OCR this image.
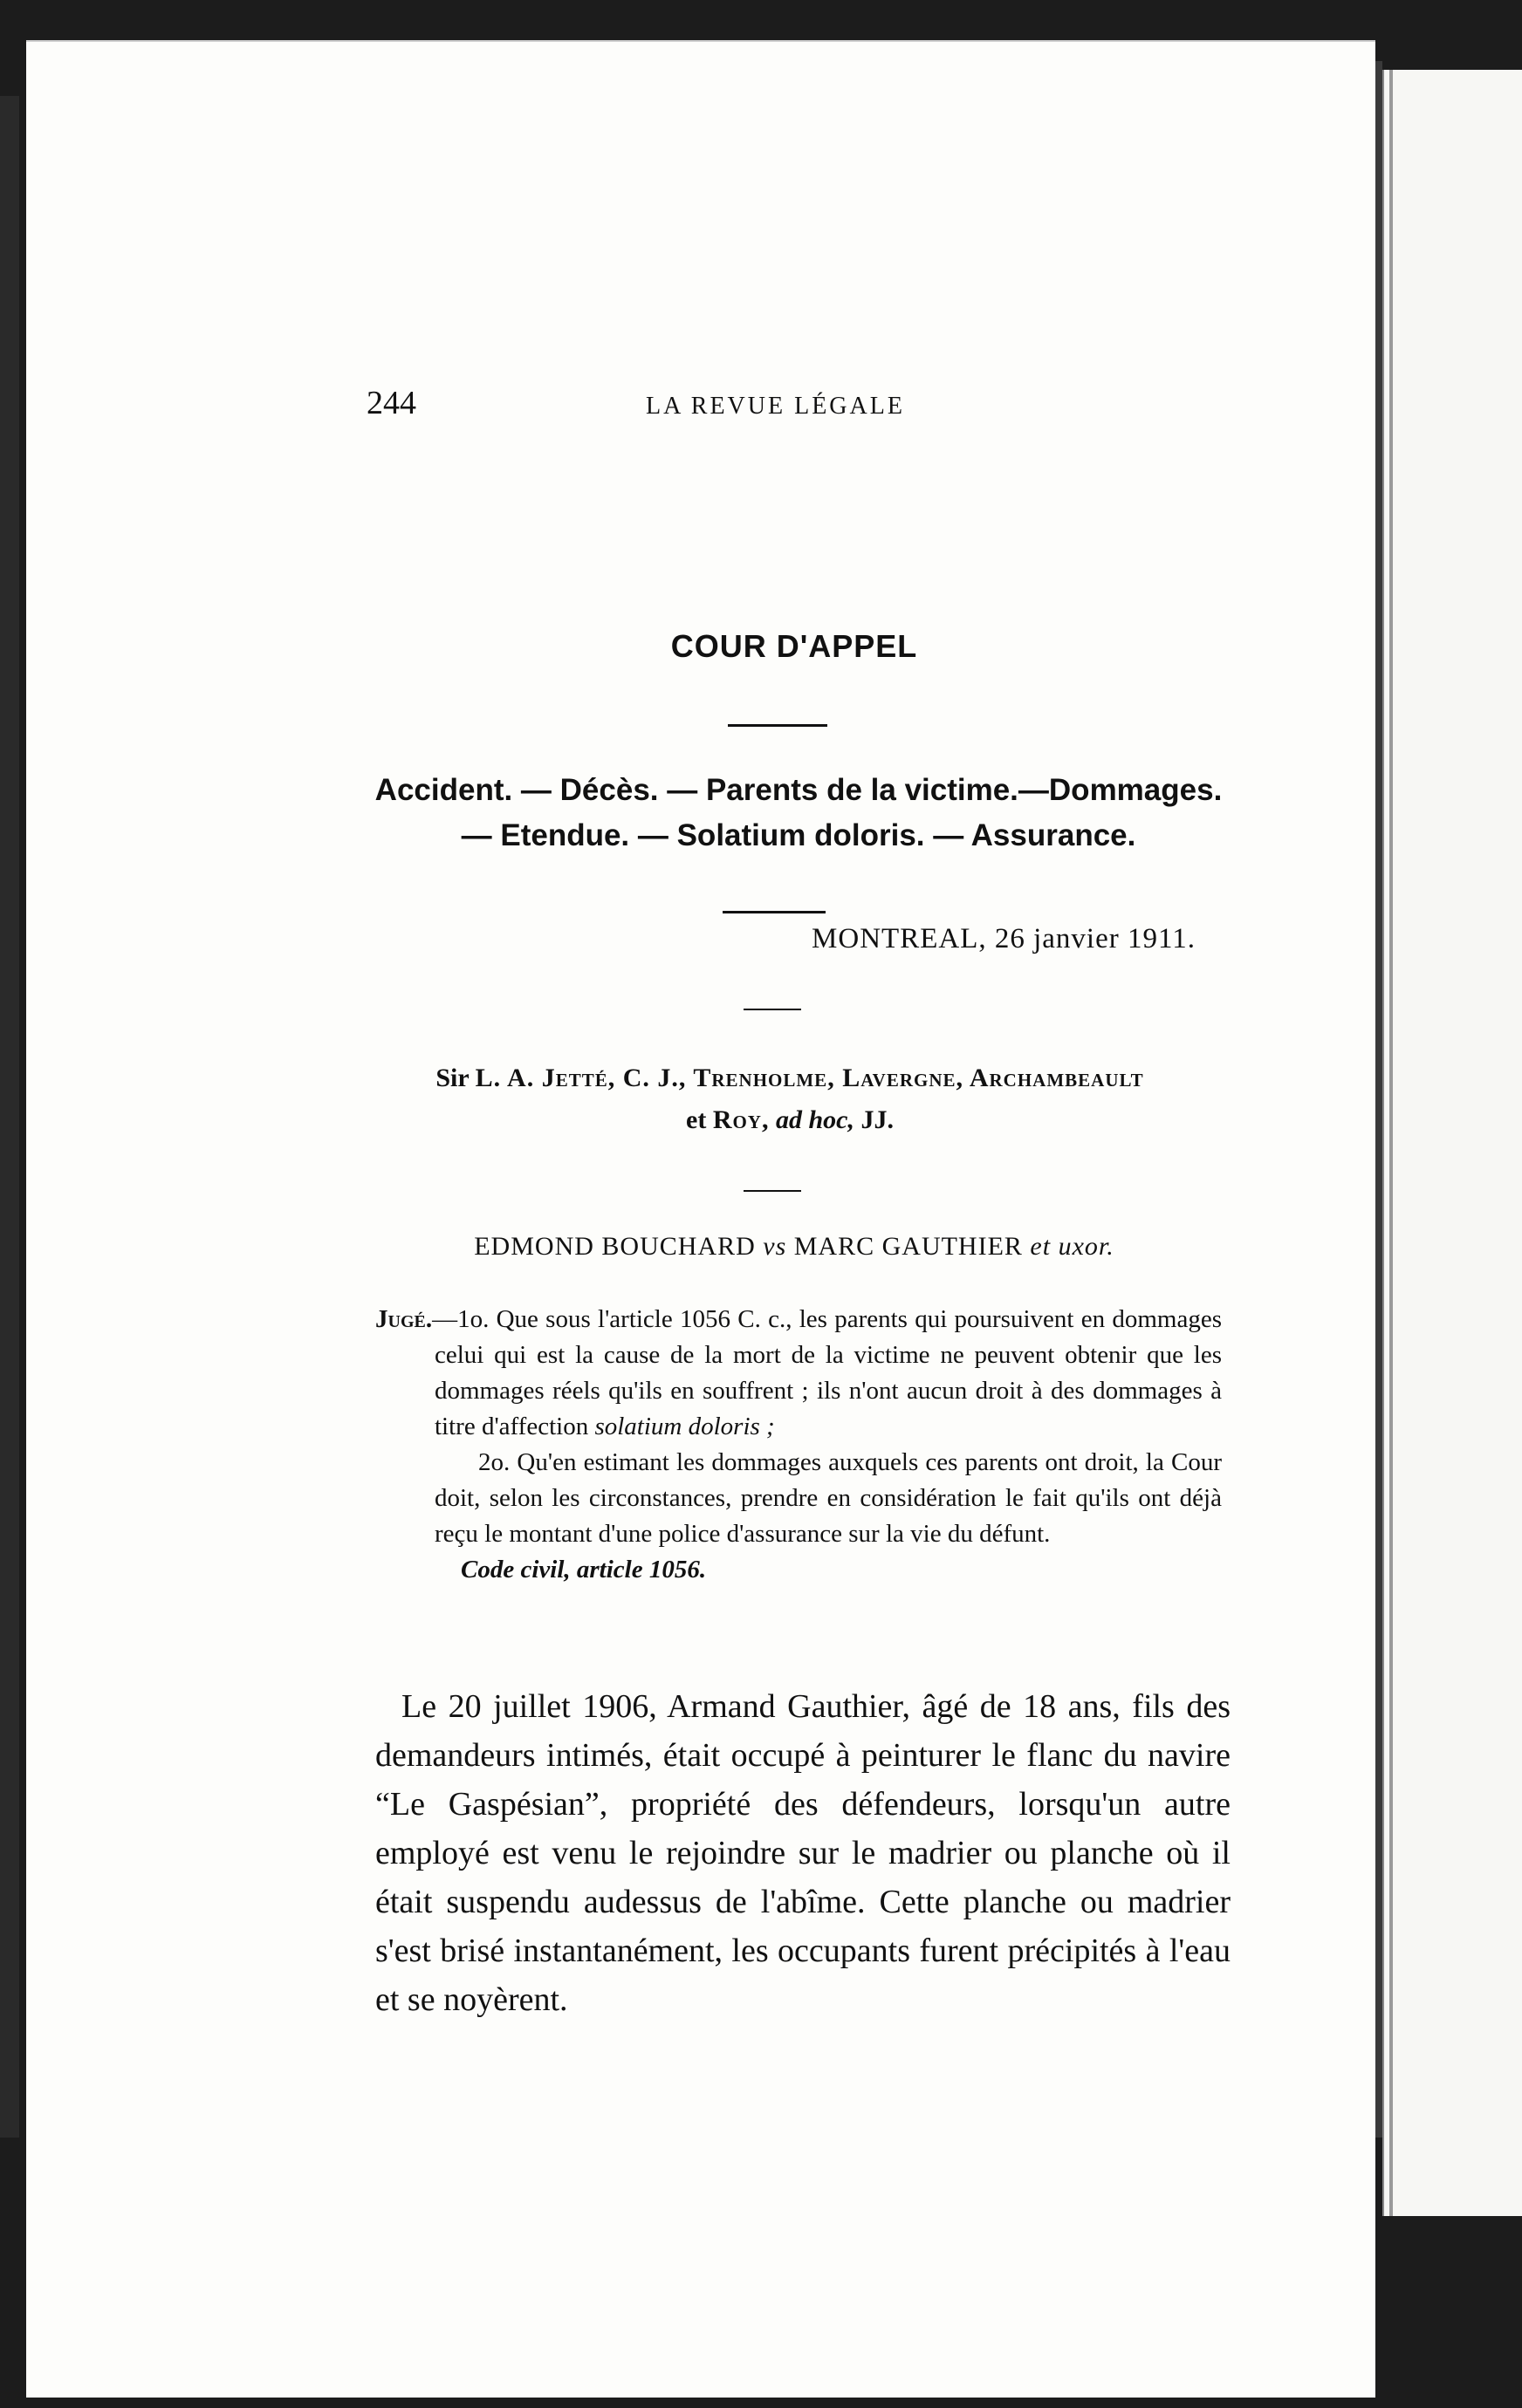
244	LA REVUE LÉGALE
COUR D'APPEL
Accident. — Décès. — Parents de la victime.—Dommages.
— Etendue. — Solatium doloris. — Assurance.
MONTREAL, 26 janvier 1911.
Sir L. A. Jetté, C. J., Trenholme, Lavergne, Archambeault
et Roy, ad hoc, JJ.
EDMOND BOUCHARD vs MARC GAUTHIER et uxor.

Jugé.—1o. Que sous l'article 1056 C. c., les parents qui poursuivent en dommages celui qui est la cause de la mort de la victime ne peuvent obtenir que les dommages réels qu'ils en souffrent ; ils n'ont aucun droit à des dommages à titre d'affection solatium doloris ;

2o. Qu'en estimant les dommages auxquels ces parents ont droit, la Cour doit, selon les circonstances, prendre en considération le fait qu'ils ont déjà reçu le montant d'une police d'assurance sur la vie du défunt.

Code civil, article 1056.

Le 20 juillet 1906, Armand Gauthier, âgé de 18 ans, fils des demandeurs intimés, était occupé à peinturer le flanc du navire “Le Gaspésian”, propriété des défendeurs, lorsqu'un autre employé est venu le rejoindre sur le madrier ou planche où il était suspendu audessus de l'abîme. Cette planche ou madrier s'est brisé instantanément, les occupants furent précipités à l'eau et se noyèrent.
